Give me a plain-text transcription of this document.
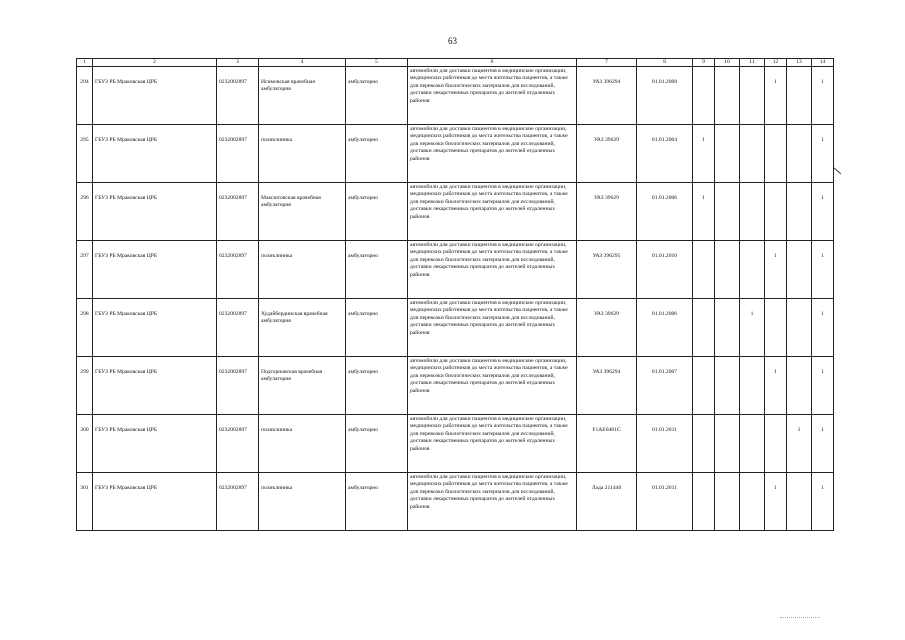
· · ·
63
1	2	3	4	5	6	7	8	9	10	11	12	13	14
294	ГБУЗ РБ Мраковская ЦРБ	0232002897	Исимовская врачебная амбулатория	амбулаторно	автомобили для доставки пациентов в медицинские организации, медицинских работников до места жительства пациентов, а также для перевозки биологических материалов для исследований, доставки лекарственных препаратов до жителей отдаленных районов	УАЗ 396294	01.01.2008				1		1
295	ГБУЗ РБ Мраковская ЦРБ	0232002897	поликлиника	амбулаторно	автомобили для доставки пациентов в медицинские организации, медицинских работников до места жительства пациентов, а также для перевозки биологических материалов для исследований, доставки лекарственных препаратов до жителей отдаленных районов	УАЗ 39629	01.01.2004	1					1
296	ГБУЗ РБ Мраковская ЦРБ	0232002897	Максютовская врачебная амбулатория	амбулаторно	автомобили для доставки пациентов в медицинские организации, медицинских работников до места жительства пациентов, а также для перевозки биологических материалов для исследований, доставки лекарственных препаратов до жителей отдаленных районов	УАЗ 39629	01.01.2006	1					1
297	ГБУЗ РБ Мраковская ЦРБ	0232002897	поликлиника	амбулаторно	автомобили для доставки пациентов в медицинские организации, медицинских работников до места жительства пациентов, а также для перевозки биологических материалов для исследований, доставки лекарственных препаратов до жителей отдаленных районов	УАЗ 396295	01.01.2010				1		1
298	ГБУЗ РБ Мраковская ЦРБ	0232002897	Худайбердинская врачебная амбулатория	амбулаторно	автомобили для доставки пациентов в медицинские организации, медицинских работников до места жительства пациентов, а также для перевозки биологических материалов для исследований, доставки лекарственных препаратов до жителей отдаленных районов	УАЗ 39629	01.01.2006			1			1
299	ГБУЗ РБ Мраковская ЦРБ	0232002897	Подгорновская врачебная амбулатория	амбулаторно	автомобили для доставки пациентов в медицинские организации, медицинских работников до места жительства пациентов, а также для перевозки биологических материалов для исследований, доставки лекарственных препаратов до жителей отдаленных районов	УАЗ 396294	01.01.2007				1		1
300	ГБУЗ РБ Мраковская ЦРБ	0232002897	поликлиника	амбулаторно	автомобили для доставки пациентов в медицинские организации, медицинских работников до места жительства пациентов, а также для перевозки биологических материалов для исследований, доставки лекарственных препаратов до жителей отдаленных районов	F1AE0481C	01.01.2011					1	1
301	ГБУЗ РБ Мраковская ЦРБ	0232002897	поликлиника	амбулаторно	автомобили для доставки пациентов в медицинские организации, медицинских работников до места жительства пациентов, а также для перевозки биологических материалов для исследований, доставки лекарственных препаратов до жителей отдаленных районов	Лада 211440	01.01.2011				1		1
